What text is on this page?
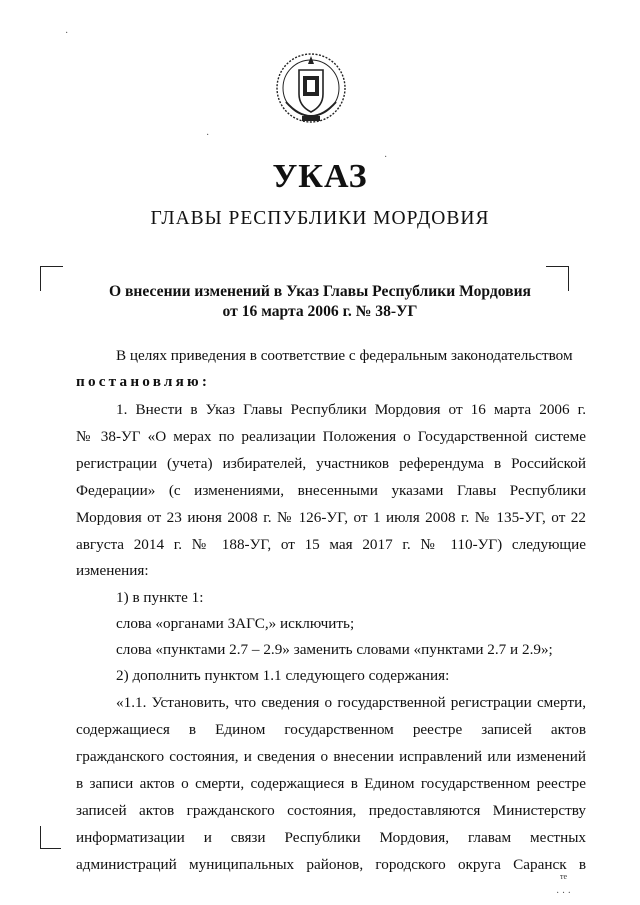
УКАЗ
ГЛАВЫ РЕСПУБЛИКИ МОРДОВИЯ
О внесении изменений в Указ Главы Республики Мордовия
от 16 марта 2006 г. № 38-УГ
В целях приведения в соответствие с федеральным законодательством
постановляю:
1. Внести в Указ Главы Республики Мордовия от 16 марта 2006 г.
№ 38-УГ «О мерах по реализации Положения о Государственной системе
регистрации (учета) избирателей, участников референдума в Российской
Федерации» (с изменениями, внесенными указами Главы Республики
Мордовия от 23 июня 2008 г. № 126-УГ, от 1 июля 2008 г. № 135-УГ, от 22
августа 2014 г. № 188-УГ, от 15 мая 2017 г. № 110-УГ) следующие
изменения:
1) в пункте 1:
слова «органами ЗАГС,» исключить;
слова «пунктами 2.7 – 2.9» заменить словами «пунктами 2.7 и 2.9»;
2) дополнить пунктом 1.1 следующего содержания:
«1.1. Установить, что сведения о государственной регистрации смерти,
содержащиеся в Едином государственном реестре записей актов
гражданского состояния, и сведения о внесении исправлений или изменений
в записи актов о смерти, содержащиеся в Едином государственном реестре
записей актов гражданского состояния, предоставляются Министерству
информатизации и связи Республики Мордовия, главам местных
администраций муниципальных районов, городского округа Саранск в
те
·
·
·
· · ·
